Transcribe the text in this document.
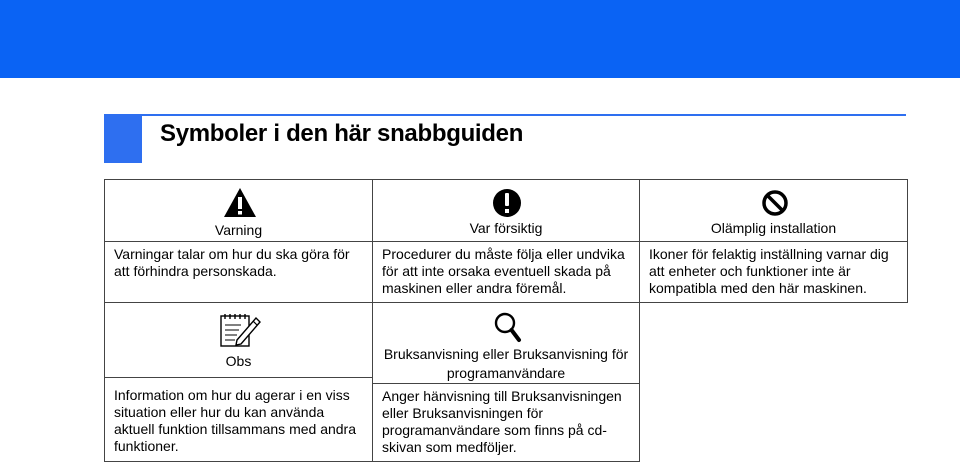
Symboler i den här snabbguiden
Varning
Varningar talar om hur du ska göra för att förhindra personskada.
Var försiktig
Procedurer du måste följa eller undvika för att inte orsaka eventuell skada på maskinen eller andra föremål.
Olämplig installation
Ikoner för felaktig inställning varnar dig att enheter och funktioner inte är kompatibla med den här maskinen.
Obs
Information om hur du agerar i en viss situation eller hur du kan använda aktuell funktion tillsammans med andra funktioner.
Bruksanvisning eller Bruksanvisning för programanvändare
Anger hänvisning till Bruksanvisningen eller Bruksanvisningen för programanvändare som finns på cd-skivan som medföljer.
